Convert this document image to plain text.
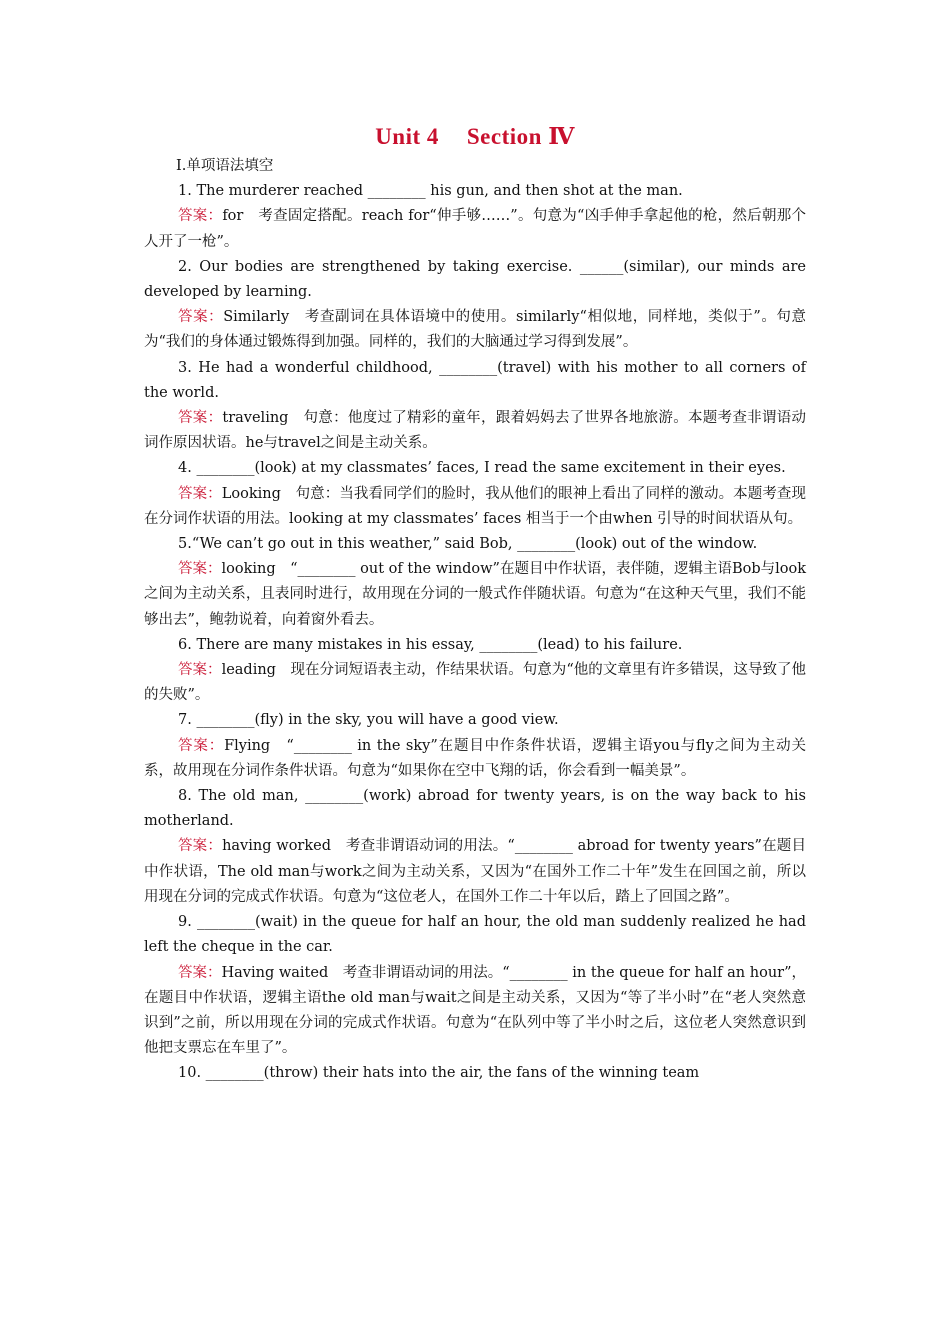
Unit 4 Section Ⅳ

Ⅰ.单项语法填空

1. The murderer reached ________ his gun, and then shot at the man.

答案：for　考查固定搭配。reach for“伸手够……”。句意为“凶手伸手拿起他的枪，然后朝那个人开了一枪”。

2. Our bodies are strengthened by taking exercise. ______(similar), our minds are developed by learning.

答案：Similarly　考查副词在具体语境中的使用。similarly“相似地，同样地，类似于”。句意为“我们的身体通过锻炼得到加强。同样的，我们的大脑通过学习得到发展”。

3. He had a wonderful childhood, ________(travel) with his mother to all corners of the world.

答案：traveling　句意：他度过了精彩的童年，跟着妈妈去了世界各地旅游。本题考查非谓语动词作原因状语。he与travel之间是主动关系。

4. ________(look) at my classmates’ faces, I read the same excitement in their eyes.

答案：Looking　句意：当我看同学们的脸时，我从他们的眼神上看出了同样的激动。本题考查现在分词作状语的用法。looking at my classmates’ faces 相当于一个由when 引导的时间状语从句。

5.“We can’t go out in this weather,” said Bob, ________(look) out of the window.

答案：looking　“________ out of the window”在题目中作状语，表伴随，逻辑主语Bob与look之间为主动关系，且表同时进行，故用现在分词的一般式作伴随状语。句意为“在这种天气里，我们不能够出去”，鲍勃说着，向着窗外看去。

6. There are many mistakes in his essay, ________(lead) to his failure.

答案：leading　现在分词短语表主动，作结果状语。句意为“他的文章里有许多错误，这导致了他的失败”。

7. ________(fly) in the sky, you will have a good view.

答案：Flying　“________ in the sky”在题目中作条件状语，逻辑主语you与fly之间为主动关系，故用现在分词作条件状语。句意为“如果你在空中飞翔的话，你会看到一幅美景”。

8. The old man, ________(work) abroad for twenty years, is on the way back to his motherland.

答案：having worked　考查非谓语动词的用法。“________ abroad for twenty years”在题目中作状语，The old man与work之间为主动关系，又因为“在国外工作二十年”发生在回国之前，所以用现在分词的完成式作状语。句意为“这位老人，在国外工作二十年以后，踏上了回国之路”。

9. ________(wait) in the queue for half an hour, the old man suddenly realized he had left the cheque in the car.

答案：Having waited　考查非谓语动词的用法。“________ in the queue for half an hour”，在题目中作状语，逻辑主语the old man与wait之间是主动关系，又因为“等了半小时”在“老人突然意识到”之前，所以用现在分词的完成式作状语。句意为“在队列中等了半小时之后，这位老人突然意识到他把支票忘在车里了”。

10. ________(throw) their hats into the air, the fans of the winning team
